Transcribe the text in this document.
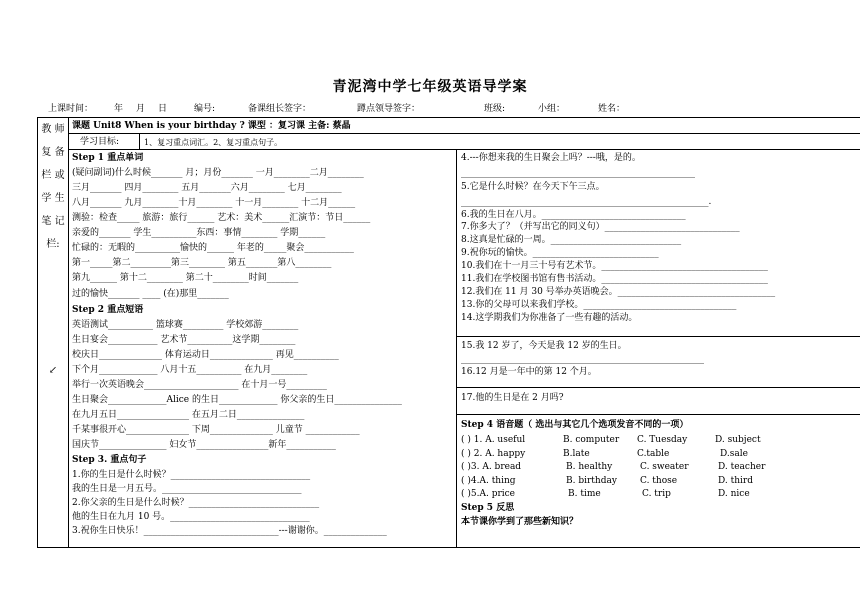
青泥湾中学七年级英语导学案
上课时间： 年 月 日	编号:	备课组长签字：	蹲点领导签字：	班级:	小组：	姓名：
教 师
复 备
栏 或
学 生
笔 记
栏:
↙
课题 Unit8 When is your birthday ? 课型 ：复习课 主备: 蔡晶
学习目标:	1、复习重点词汇。2、复习重点句子。
Step 1 重点单词
(疑问副词)什么时候_______ 月；月份_______ 一月________二月________
三月_______ 四月________ 五月_______六月________ 七月________
八月_______ 九月________十月________ 十一月________ 十二月______
测验：检查_____ 旅游：旅行______ 艺术：美术______汇演节：节日______
亲爱的_______ 学生__________东西：事情________ 学期______
忙碌的：无暇的__________愉快的______ 年老的_____聚会___________
第一_____第二_________第三________ 第五_______第八________
第九______ 第十二________ 第二十________时间_______
过的愉快_______ ____ (在)那里_______
Step 2 重点短语
英语测试__________ 篮球赛_________ 学校郊游________
生日宴会___________ 艺术节__________这学期________
校庆日______________ 体育运动日______________ 再见__________
下个月_____________ 八月十五__________ 在九月________
举行一次英语晚会_____________________ 在十月一号_________
生日聚会_____________Alice 的生日_____________ 你父亲的生日_______________
在九月五日________________ 在五月二日_______________
千某事很开心______________ 下周______________ 儿童节 ____________
国庆节_______________ 妇女节________________新年___________
Step 3. 重点句子
1.你的生日是什么时候？_______________________________
我的生日是一月五号。_______________________________
2.你父亲的生日是什么时候？_____________________________
他的生日在九月 10 号。_______________________________
3.祝你生日快乐！______________________________---谢谢你。______________
4.---你想来我的生日聚会上吗？---哦，是的。
____________________________________________________
5.它是什么时候？在今天下午三点。
_______________________________________________________.
6.我的生日在八月。________________________________
7.你多大了？（并写出它的同义句）______________________________
8.这真是忙碌的一周。_____________________________
9.祝你玩的愉快。____________________________
10.我们在十一月三十号有艺术节。_____________________________________
11.我们在学校图书馆有售书活动。_____________________________________
12.我们在 11 月 30 号举办英语晚会。___________________________________
13.你的父母可以来我们学校。__________________________________
14.这学期我们为你准备了一些有趣的活动。
15.我 12 岁了，今天是我 12 岁的生日。
______________________________________________________
16.12 月是一年中的第 12 个月。
17.他的生日是在 2 月吗?
______________________________________________________
Step 4 语音题（ 选出与其它几个选项发音不同的一项）
( ) 1. A. useful	B. computer C. Tuesday	D. subject
( ) 2. A. happy	B.late	C.table	D.sale
( )3. A. bread	B. healthy	C. sweater	D. teacher
( )4.A. thing	B. birthday	C. those	D. third
( )5.A. price	B. time	C. trip	D. nice
Step 5 反思
本节课你学到了那些新知识？
